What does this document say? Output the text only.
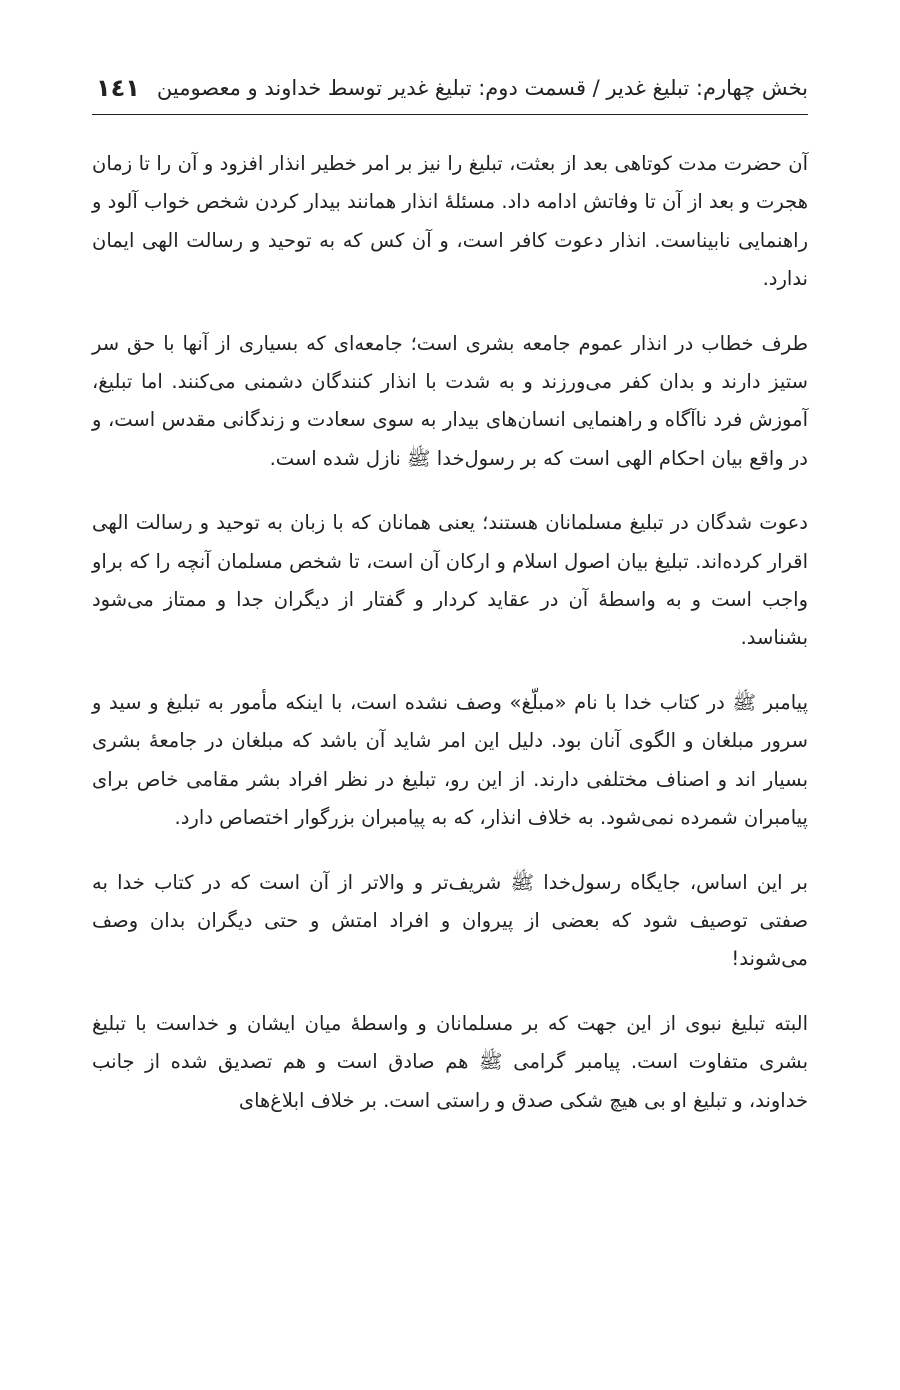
بخش چهارم: تبلیغ غدیر / قسمت دوم: تبلیغ غدیر توسط خداوند و معصومین
١٤١

آن حضرت مدت کوتاهی بعد از بعثت، تبلیغ را نیز بر امر خطیر انذار افزود و آن را تا زمان هجرت و بعد از آن تا وفاتش ادامه داد. مسئلهٔ انذار همانند بیدار کردن شخص خواب آلود و راهنمایی نابیناست. انذار دعوت کافر است، و آن کس که به توحید و رسالت الهی ایمان ندارد.

طرف خطاب در انذار عموم جامعه بشری است؛ جامعه‌ای که بسیاری از آنها با حق سر ستیز دارند و بدان کفر می‌ورزند و به شدت با انذار کنندگان دشمنی می‌کنند. اما تبلیغ، آموزش فرد ناآگاه و راهنمایی انسان‌های بیدار به سوی سعادت و زندگانی مقدس است، و در واقع بیان احکام الهی است که بر رسول‌خدا ﷺ نازل شده است.

دعوت شدگان در تبلیغ مسلمانان هستند؛ یعنی همانان که با زبان به توحید و رسالت الهی اقرار کرده‌اند. تبلیغ بیان اصول اسلام و ارکان آن است، تا شخص مسلمان آنچه را که براو واجب است و به واسطهٔ آن در عقاید کردار و گفتار از دیگران جدا و ممتاز می‌شود بشناسد.

پیامبر ﷺ در کتاب خدا با نام «مبلّغ» وصف نشده است، با اینکه مأمور به تبلیغ و سید و سرور مبلغان و الگوی آنان بود. دلیل این امر شاید آن باشد که مبلغان در جامعهٔ بشری بسیار اند و اصناف مختلفی دارند. از این رو، تبلیغ در نظر افراد بشر مقامی خاص برای پیامبران شمرده نمی‌شود. به خلاف انذار، که به پیامبران بزرگوار اختصاص دارد.

بر این اساس، جایگاه رسول‌خدا ﷺ شریف‌تر و والاتر از آن است که در کتاب خدا به صفتی توصیف شود که بعضی از پیروان و افراد امتش و حتی دیگران بدان وصف می‌شوند!

البته تبلیغ نبوی از این جهت که بر مسلمانان و واسطهٔ میان ایشان و خداست با تبلیغ بشری متفاوت است. پیامبر گرامی ﷺ هم صادق است و هم تصدیق شده از جانب خداوند، و تبلیغ او بی هیچ شکی صدق و راستی است. بر خلاف ابلاغ‌های
